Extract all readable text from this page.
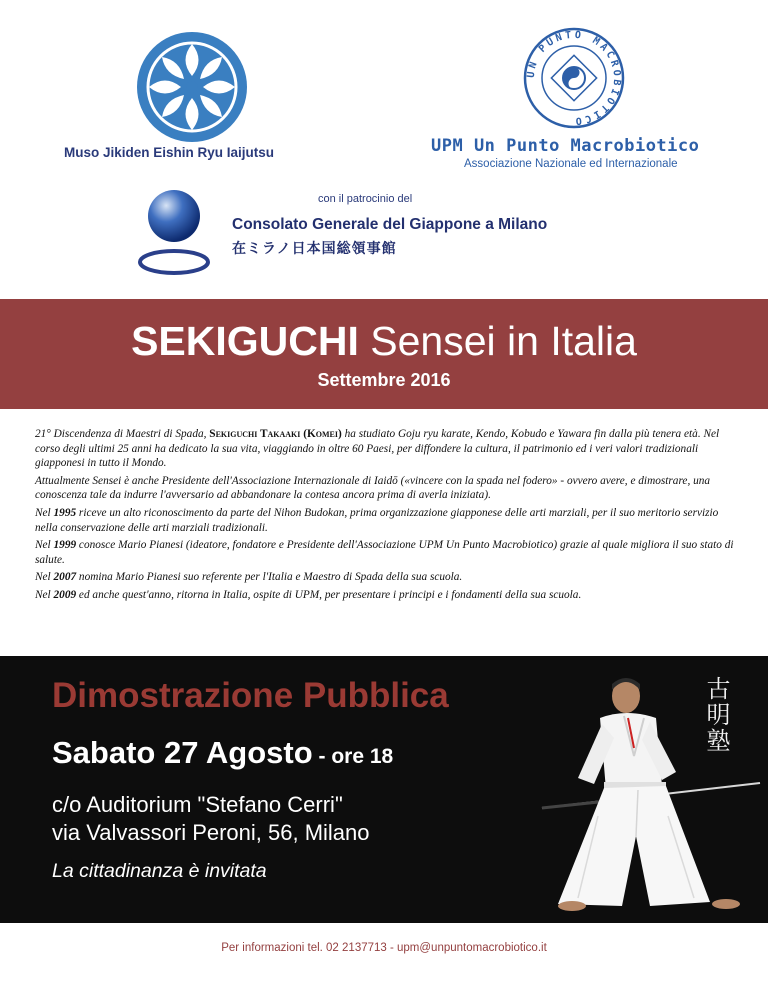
Muso Jikiden Eishin Ryu Iaijutsu
UN PUNTO MACROBIOTICO
UPM Un Punto Macrobiotico
Associazione Nazionale ed Internazionale
con il patrocinio del
Consolato Generale del Giappone a Milano
在ミラノ日本国総領事館
SEKIGUCHI Sensei in Italia
Settembre 2016

21° Discendenza di Maestri di Spada, Sekiguchi Takaaki (Komei) ha studiato Goju ryu karate, Kendo, Kobudo e Yawara fin dalla più tenera età. Nel corso degli ultimi 25 anni ha dedicato la sua vita, viaggiando in oltre 60 Paesi, per diffondere la cultura, il patrimonio ed i veri valori tradizionali giapponesi in tutto il Mondo.

Attualmente Sensei è anche Presidente dell'Associazione Internazionale di Iaidō («vincere con la spada nel fodero» - ovvero avere, e dimostrare, una conoscenza tale da indurre l'avversario ad abbandonare la contesa ancora prima di averla iniziata).

Nel 1995 riceve un alto riconoscimento da parte del Nihon Budokan, prima organizzazione giapponese delle arti marziali, per il suo meritorio servizio nella conservazione delle arti marziali tradizionali.

Nel 1999 conosce Mario Pianesi (ideatore, fondatore e Presidente dell'Associazione UPM Un Punto Macrobiotico) grazie al quale migliora il suo stato di salute.

Nel 2007 nomina Mario Pianesi suo referente per l'Italia e Maestro di Spada della sua scuola.

Nel 2009 ed anche quest'anno, ritorna in Italia, ospite di UPM, per presentare i principi e i fondamenti della sua scuola.

Dimostrazione Pubblica
Sabato 27 Agosto - ore 18
c/o Auditorium "Stefano Cerri"
via Valvassori Peroni, 56, Milano
La cittadinanza è invitata
古明塾
Per informazioni tel. 02 2137713 - upm@unpuntomacrobiotico.it
